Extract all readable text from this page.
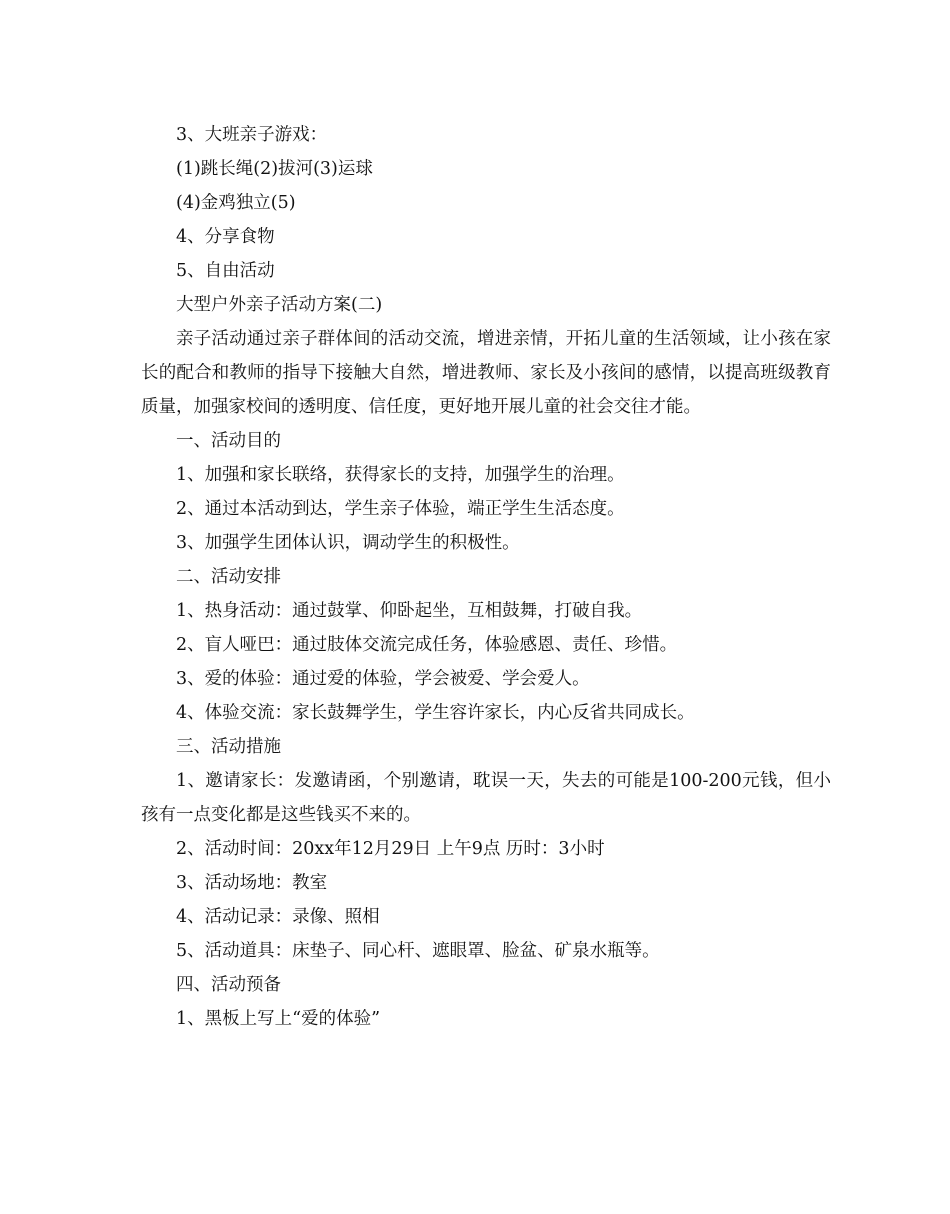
3、大班亲子游戏：

(1)跳长绳(2)拔河(3)运球

(4)金鸡独立(5)

4、分享食物

5、自由活动

大型户外亲子活动方案(二)

亲子活动通过亲子群体间的活动交流，增进亲情，开拓儿童的生活领域，让小孩在家长的配合和教师的指导下接触大自然，增进教师、家长及小孩间的感情，以提高班级教育质量，加强家校间的透明度、信任度，更好地开展儿童的社会交往才能。

一、活动目的

1、加强和家长联络，获得家长的支持，加强学生的治理。

2、通过本活动到达，学生亲子体验，端正学生生活态度。

3、加强学生团体认识，调动学生的积极性。

二、活动安排

1、热身活动：通过鼓掌、仰卧起坐，互相鼓舞，打破自我。

2、盲人哑巴：通过肢体交流完成任务，体验感恩、责任、珍惜。

3、爱的体验：通过爱的体验，学会被爱、学会爱人。

4、体验交流：家长鼓舞学生，学生容许家长，内心反省共同成长。

三、活动措施

1、邀请家长：发邀请函，个别邀请，耽误一天，失去的可能是100-200元钱，但小孩有一点变化都是这些钱买不来的。

2、活动时间：20xx年12月29日 上午9点 历时：3小时

3、活动场地：教室

4、活动记录：录像、照相

5、活动道具：床垫子、同心杆、遮眼罩、脸盆、矿泉水瓶等。

四、活动预备

1、黑板上写上“爱的体验”
